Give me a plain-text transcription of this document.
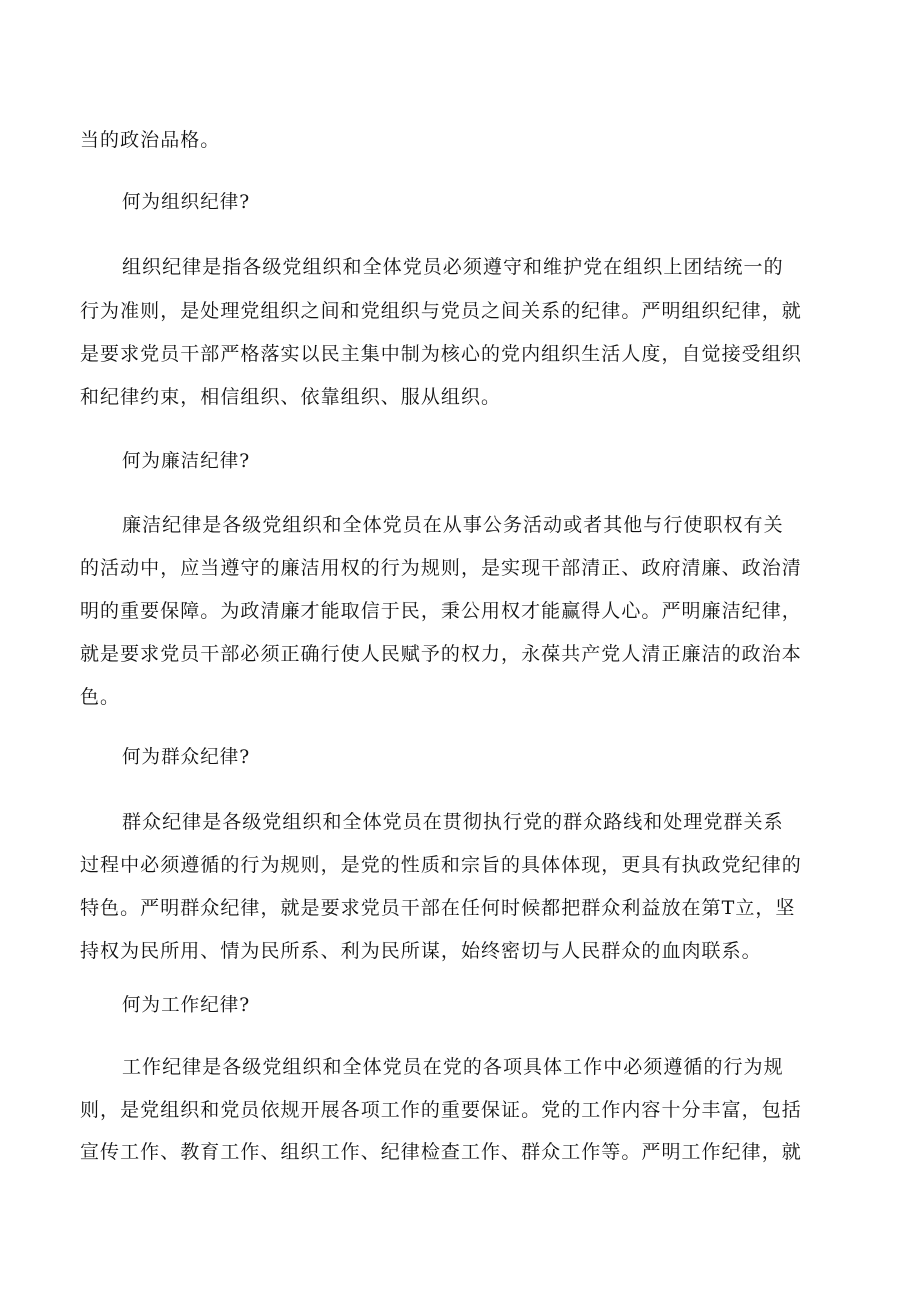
当的政治品格。
何为组织纪律?
组织纪律是指各级党组织和全体党员必须遵守和维护党在组织上团结统一的
行为准则，是处理党组织之间和党组织与党员之间关系的纪律。严明组织纪律，就
是要求党员干部严格落实以民主集中制为核心的党内组织生活人度，自觉接受组织
和纪律约束，相信组织、依靠组织、服从组织。
何为廉洁纪律?
廉洁纪律是各级党组织和全体党员在从事公务活动或者其他与行使职权有关
的活动中，应当遵守的廉洁用权的行为规则，是实现干部清正、政府清廉、政治清
明的重要保障。为政清廉才能取信于民，秉公用权才能赢得人心。严明廉洁纪律，
就是要求党员干部必须正确行使人民赋予的权力，永葆共产党人清正廉洁的政治本
色。
何为群众纪律?
群众纪律是各级党组织和全体党员在贯彻执行党的群众路线和处理党群关系
过程中必须遵循的行为规则，是党的性质和宗旨的具体体现，更具有执政党纪律的
特色。严明群众纪律，就是要求党员干部在任何时候都把群众利益放在第T立，坚
持权为民所用、情为民所系、利为民所谋，始终密切与人民群众的血肉联系。
何为工作纪律?
工作纪律是各级党组织和全体党员在党的各项具体工作中必须遵循的行为规
则，是党组织和党员依规开展各项工作的重要保证。党的工作内容十分丰富，包括
宣传工作、教育工作、组织工作、纪律检查工作、群众工作等。严明工作纪律，就
